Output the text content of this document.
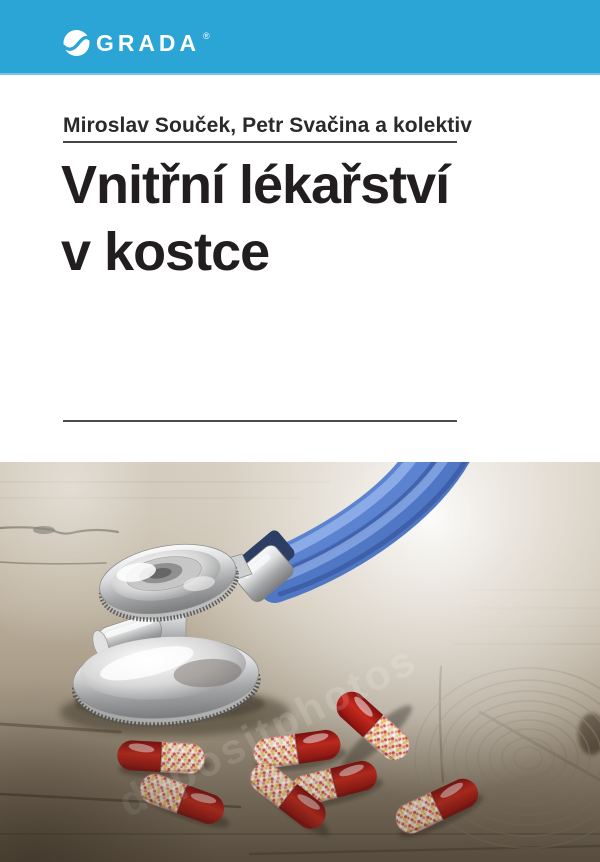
GRADA ®
Miroslav Souček, Petr Svačina a kolektiv
Vnitřní lékařství
v kostce
